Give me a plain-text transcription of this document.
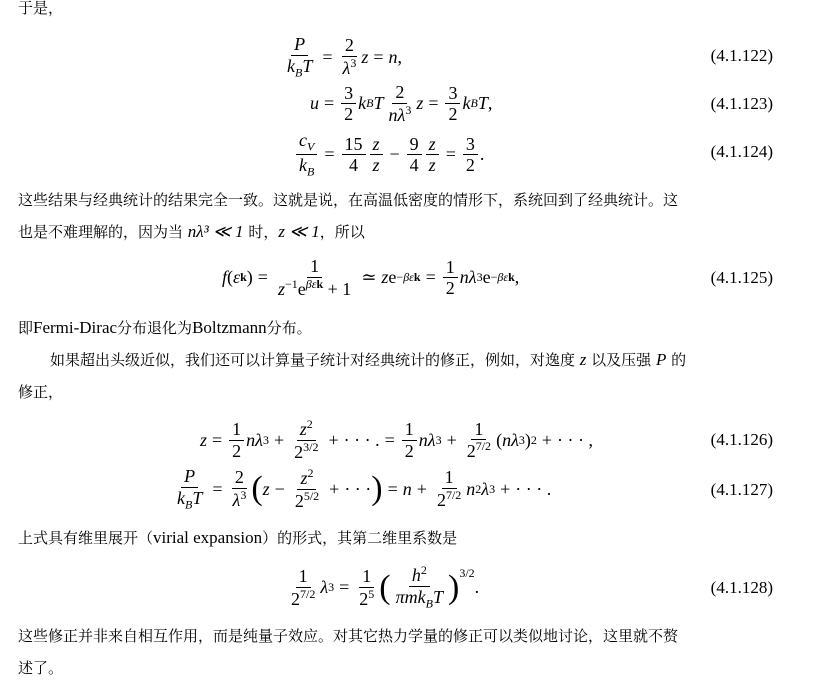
于是，
$\frac{P}{k_BT} = \frac{2}{\lambda^3}$ z = n ,	(4.1.122)
$u = \frac{3}{2}$ k B T $\frac{2}{n\lambda^3}$ $z = \frac{3}{2}$ k B T ,	(4.1.123)
$\frac{c_V}{k_B} = \frac{15}{4} \frac{z}{z} - \frac{9}{4} \frac{z}{z} = \frac{3}{2}$ .	(4.1.124)
这些结果与经典统计的结果完全一致。这就是说，在高温低密度的情形下，系统回到了经典统计。这
也是不难理解的，因为当 nλ³ ≪ 1 时，z ≪ 1，所以
f ( ε k ) = $\frac{1}{z^{-1}e^{\beta\varepsilon k} + 1}$ ≃ z $e -\beta\varepsilon k = \frac{1}{2}$ nλ 3 e −βεk ,	(4.1.125)
即Fermi-Dirac分布退化为Boltzmann分布。
如果超出头级近似，我们还可以计算量子统计对经典统计的修正，例如，对逸度 z 以及压强 P 的
修正，
$z = \frac{1}{2}$ nλ $3 + \frac{z^2}{2^{3/2}}$ + · · · . = $\frac{1}{2}$ nλ $3 + \frac{1}{2^{7/2}}$ ( nλ 3 ) 2 + · · · ,	(4.1.126)
$\frac{P}{k_BT} = \frac{2}{\lambda^3}$ ( $z - \frac{z^2}{2^{5/2}}$ + · · · ) = $n + \frac{1}{2^{7/2}}$ n 2 λ 3 + · · · .	(4.1.127)
上式具有维里展开（virial expansion）的形式，其第二维里系数是
$\frac{1}{2^{7/2}}$ λ $3 = \frac{1}{2^5}$ ( $\frac{h^2}{\pi mk_BT} )^{3/2}$
.	(4.1.128)
这些修正并非来自相互作用，而是纯量子效应。对其它热力学量的修正可以类似地讨论，这里就不赘
述了。
